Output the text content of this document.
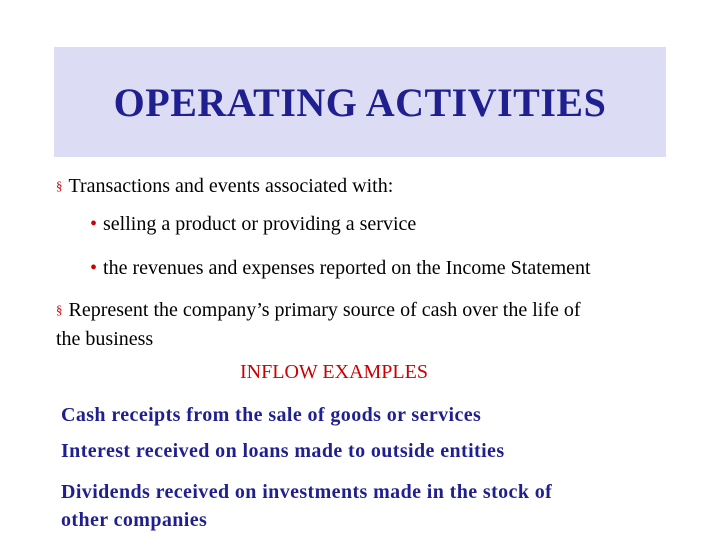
OPERATING ACTIVITIES
§ Transactions and events associated with:
• selling a product or providing a service
• the revenues and expenses reported on the Income Statement
§ Represent the company’s primary source of cash over the life of
the business
INFLOW EXAMPLES
Cash receipts from the sale of goods or services
Interest received on loans made to outside entities
Dividends received on investments made in the stock of
other companies
